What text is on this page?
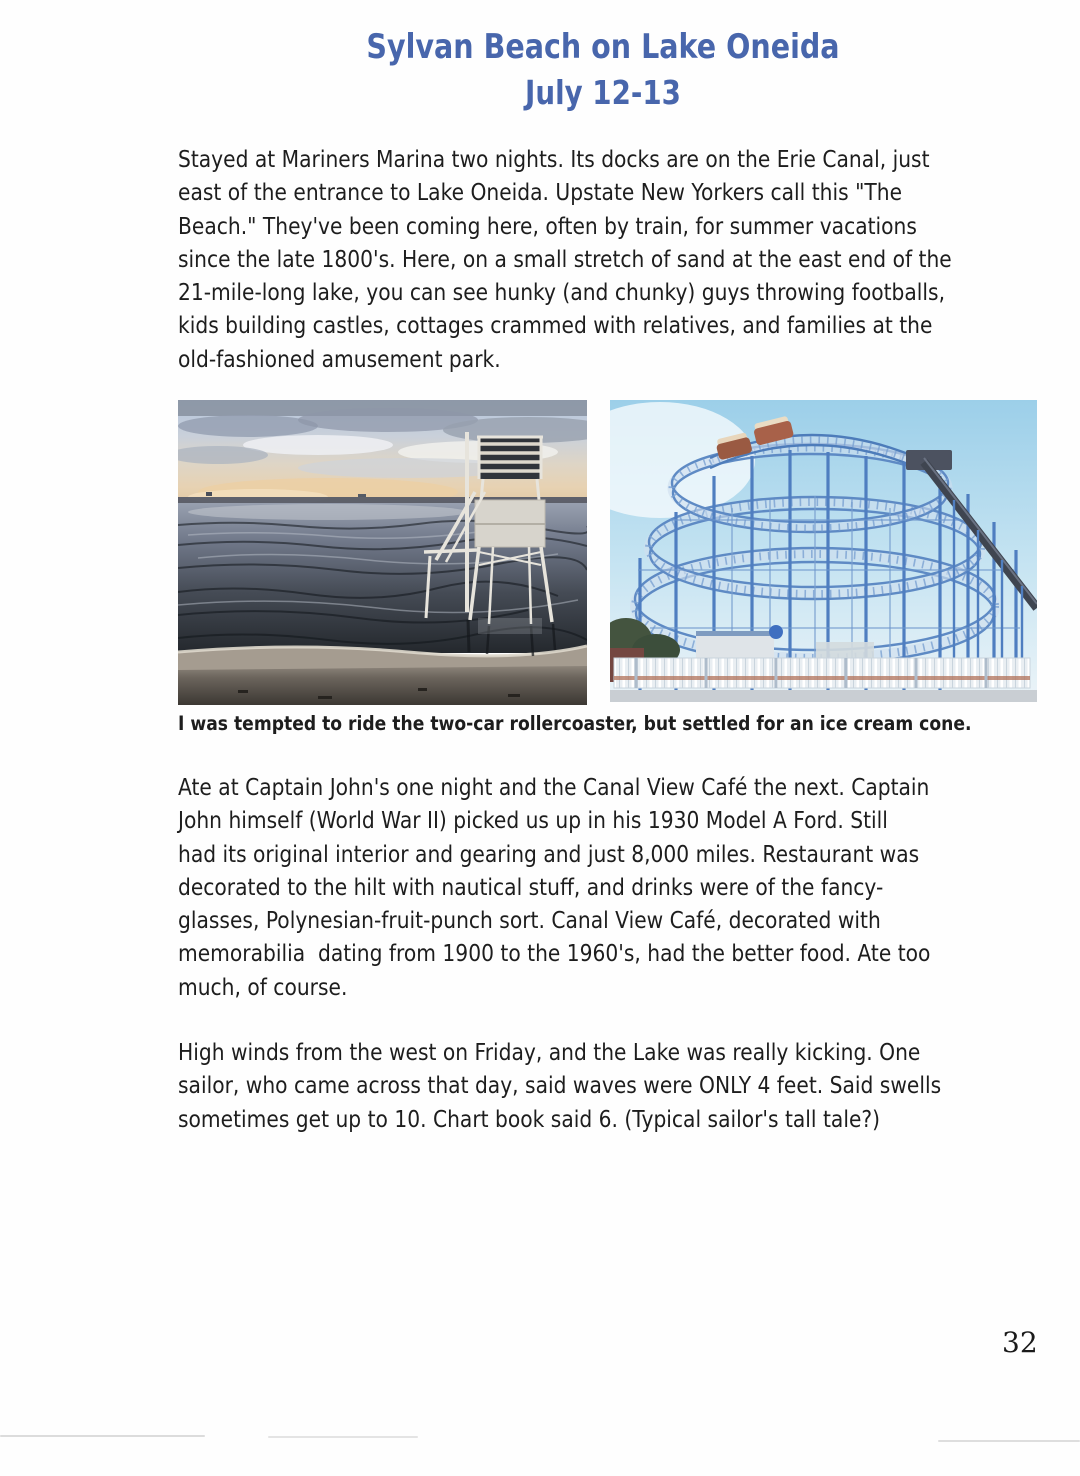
Sylvan Beach on Lake Oneida
July 12-13
Stayed at Mariners Marina two nights. Its docks are on the Erie Canal, just
east of the entrance to Lake Oneida. Upstate New Yorkers call this "The
Beach." They've been coming here, often by train, for summer vacations
since the late 1800's. Here, on a small stretch of sand at the east end of the
21-mile-long lake, you can see hunky (and chunky) guys throwing footballs,
kids building castles, cottages crammed with relatives, and families at the
old-fashioned amusement park.
I was tempted to ride the two-car rollercoaster, but settled for an ice cream cone.
Ate at Captain John's one night and the Canal View Café the next. Captain
John himself (World War II) picked us up in his 1930 Model A Ford. Still
had its original interior and gearing and just 8,000 miles. Restaurant was
decorated to the hilt with nautical stuff, and drinks were of the fancy-
glasses, Polynesian-fruit-punch sort. Canal View Café, decorated with
memorabilia  dating from 1900 to the 1960's, had the better food. Ate too
much, of course.
High winds from the west on Friday, and the Lake was really kicking. One
sailor, who came across that day, said waves were ONLY 4 feet. Said swells
sometimes get up to 10. Chart book said 6. (Typical sailor's tall tale?)
32
